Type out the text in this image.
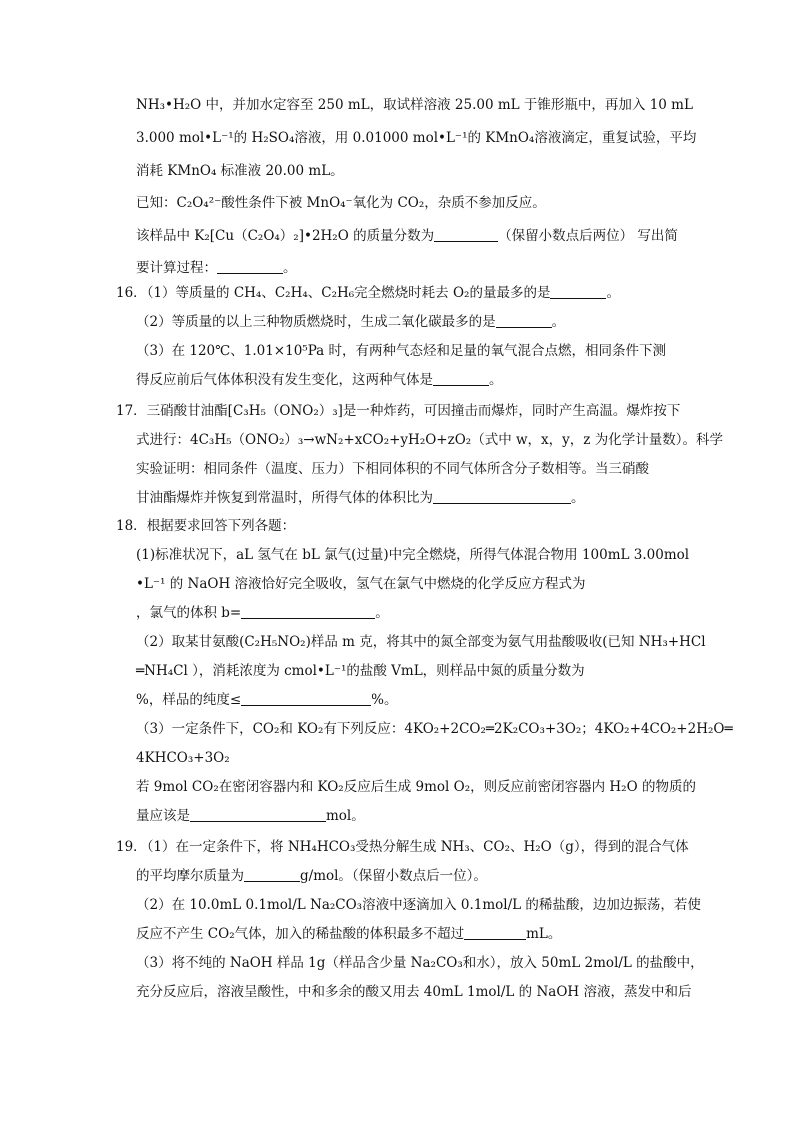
NH₃•H₂O 中，并加水定容至 250 mL，取试样溶液 25.00 mL 于锥形瓶中，再加入 10 mL
3.000 mol•L⁻¹的 H₂SO₄溶液，用 0.01000 mol•L⁻¹的 KMnO₄溶液滴定，重复试验，平均
消耗 KMnO₄ 标准液 20.00 mL。
已知：C₂O₄²⁻酸性条件下被 MnO₄⁻氧化为 CO₂，杂质不参加反应。
该样品中 K₂[Cu（C₂O₄）₂]•2H₂O 的质量分数为	（保留小数点后两位） 写出简
要计算过程：	。
16．（1）等质量的 CH₄、C₂H₄、C₂H₆完全燃烧时耗去 O₂的量最多的是	。
（2）等质量的以上三种物质燃烧时，生成二氧化碳最多的是	。
（3）在 120℃、1.01×10⁵Pa 时，有两种气态烃和足量的氧气混合点燃，相同条件下测
得反应前后气体体积没有发生变化，这两种气体是	。
17．三硝酸甘油酯[C₃H₅（ONO₂）₃]是一种炸药，可因撞击而爆炸，同时产生高温。爆炸按下
式进行：4C₃H₅（ONO₂）₃→wN₂+xCO₂+yH₂O+zO₂（式中 w，x，y，z 为化学计量数）。科学
实验证明：相同条件（温度、压力）下相同体积的不同气体所含分子数相等。当三硝酸
甘油酯爆炸并恢复到常温时，所得气体的体积比为	。
18．根据要求回答下列各题：
(1)标准状况下，aL 氢气在 bL 氯气(过量)中完全燃烧，所得气体混合物用 100mL 3.00mol
•L⁻¹ 的 NaOH 溶液恰好完全吸收，氢气在氯气中燃烧的化学反应方程式为
，氯气的体积 b=	。
（2）取某甘氨酸(C₂H₅NO₂)样品 m 克，将其中的氮全部变为氨气用盐酸吸收(已知 NH₃+HCl
═NH₄Cl ），消耗浓度为 cmol•L⁻¹的盐酸 VmL，则样品中氮的质量分数为
%，样品的纯度≤	%。
（3）一定条件下，CO₂和 KO₂有下列反应：4KO₂+2CO₂═2K₂CO₃+3O₂；4KO₂+4CO₂+2H₂O═
4KHCO₃+3O₂
若 9mol CO₂在密闭容器内和 KO₂反应后生成 9mol O₂，则反应前密闭容器内 H₂O 的物质的
量应该是	mol。
19．（1）在一定条件下，将 NH₄HCO₃受热分解生成 NH₃、CO₂、H₂O（g），得到的混合气体
的平均摩尔质量为	g/mol。（保留小数点后一位）。
（2）在 10.0mL 0.1mol/L Na₂CO₃溶液中逐滴加入 0.1mol/L 的稀盐酸，边加边振荡，若使
反应不产生 CO₂气体，加入的稀盐酸的体积最多不超过	mL。
（3）将不纯的 NaOH 样品 1g（样品含少量 Na₂CO₃和水），放入 50mL 2mol/L 的盐酸中，
充分反应后，溶液呈酸性，中和多余的酸又用去 40mL 1mol/L 的 NaOH 溶液，蒸发中和后
